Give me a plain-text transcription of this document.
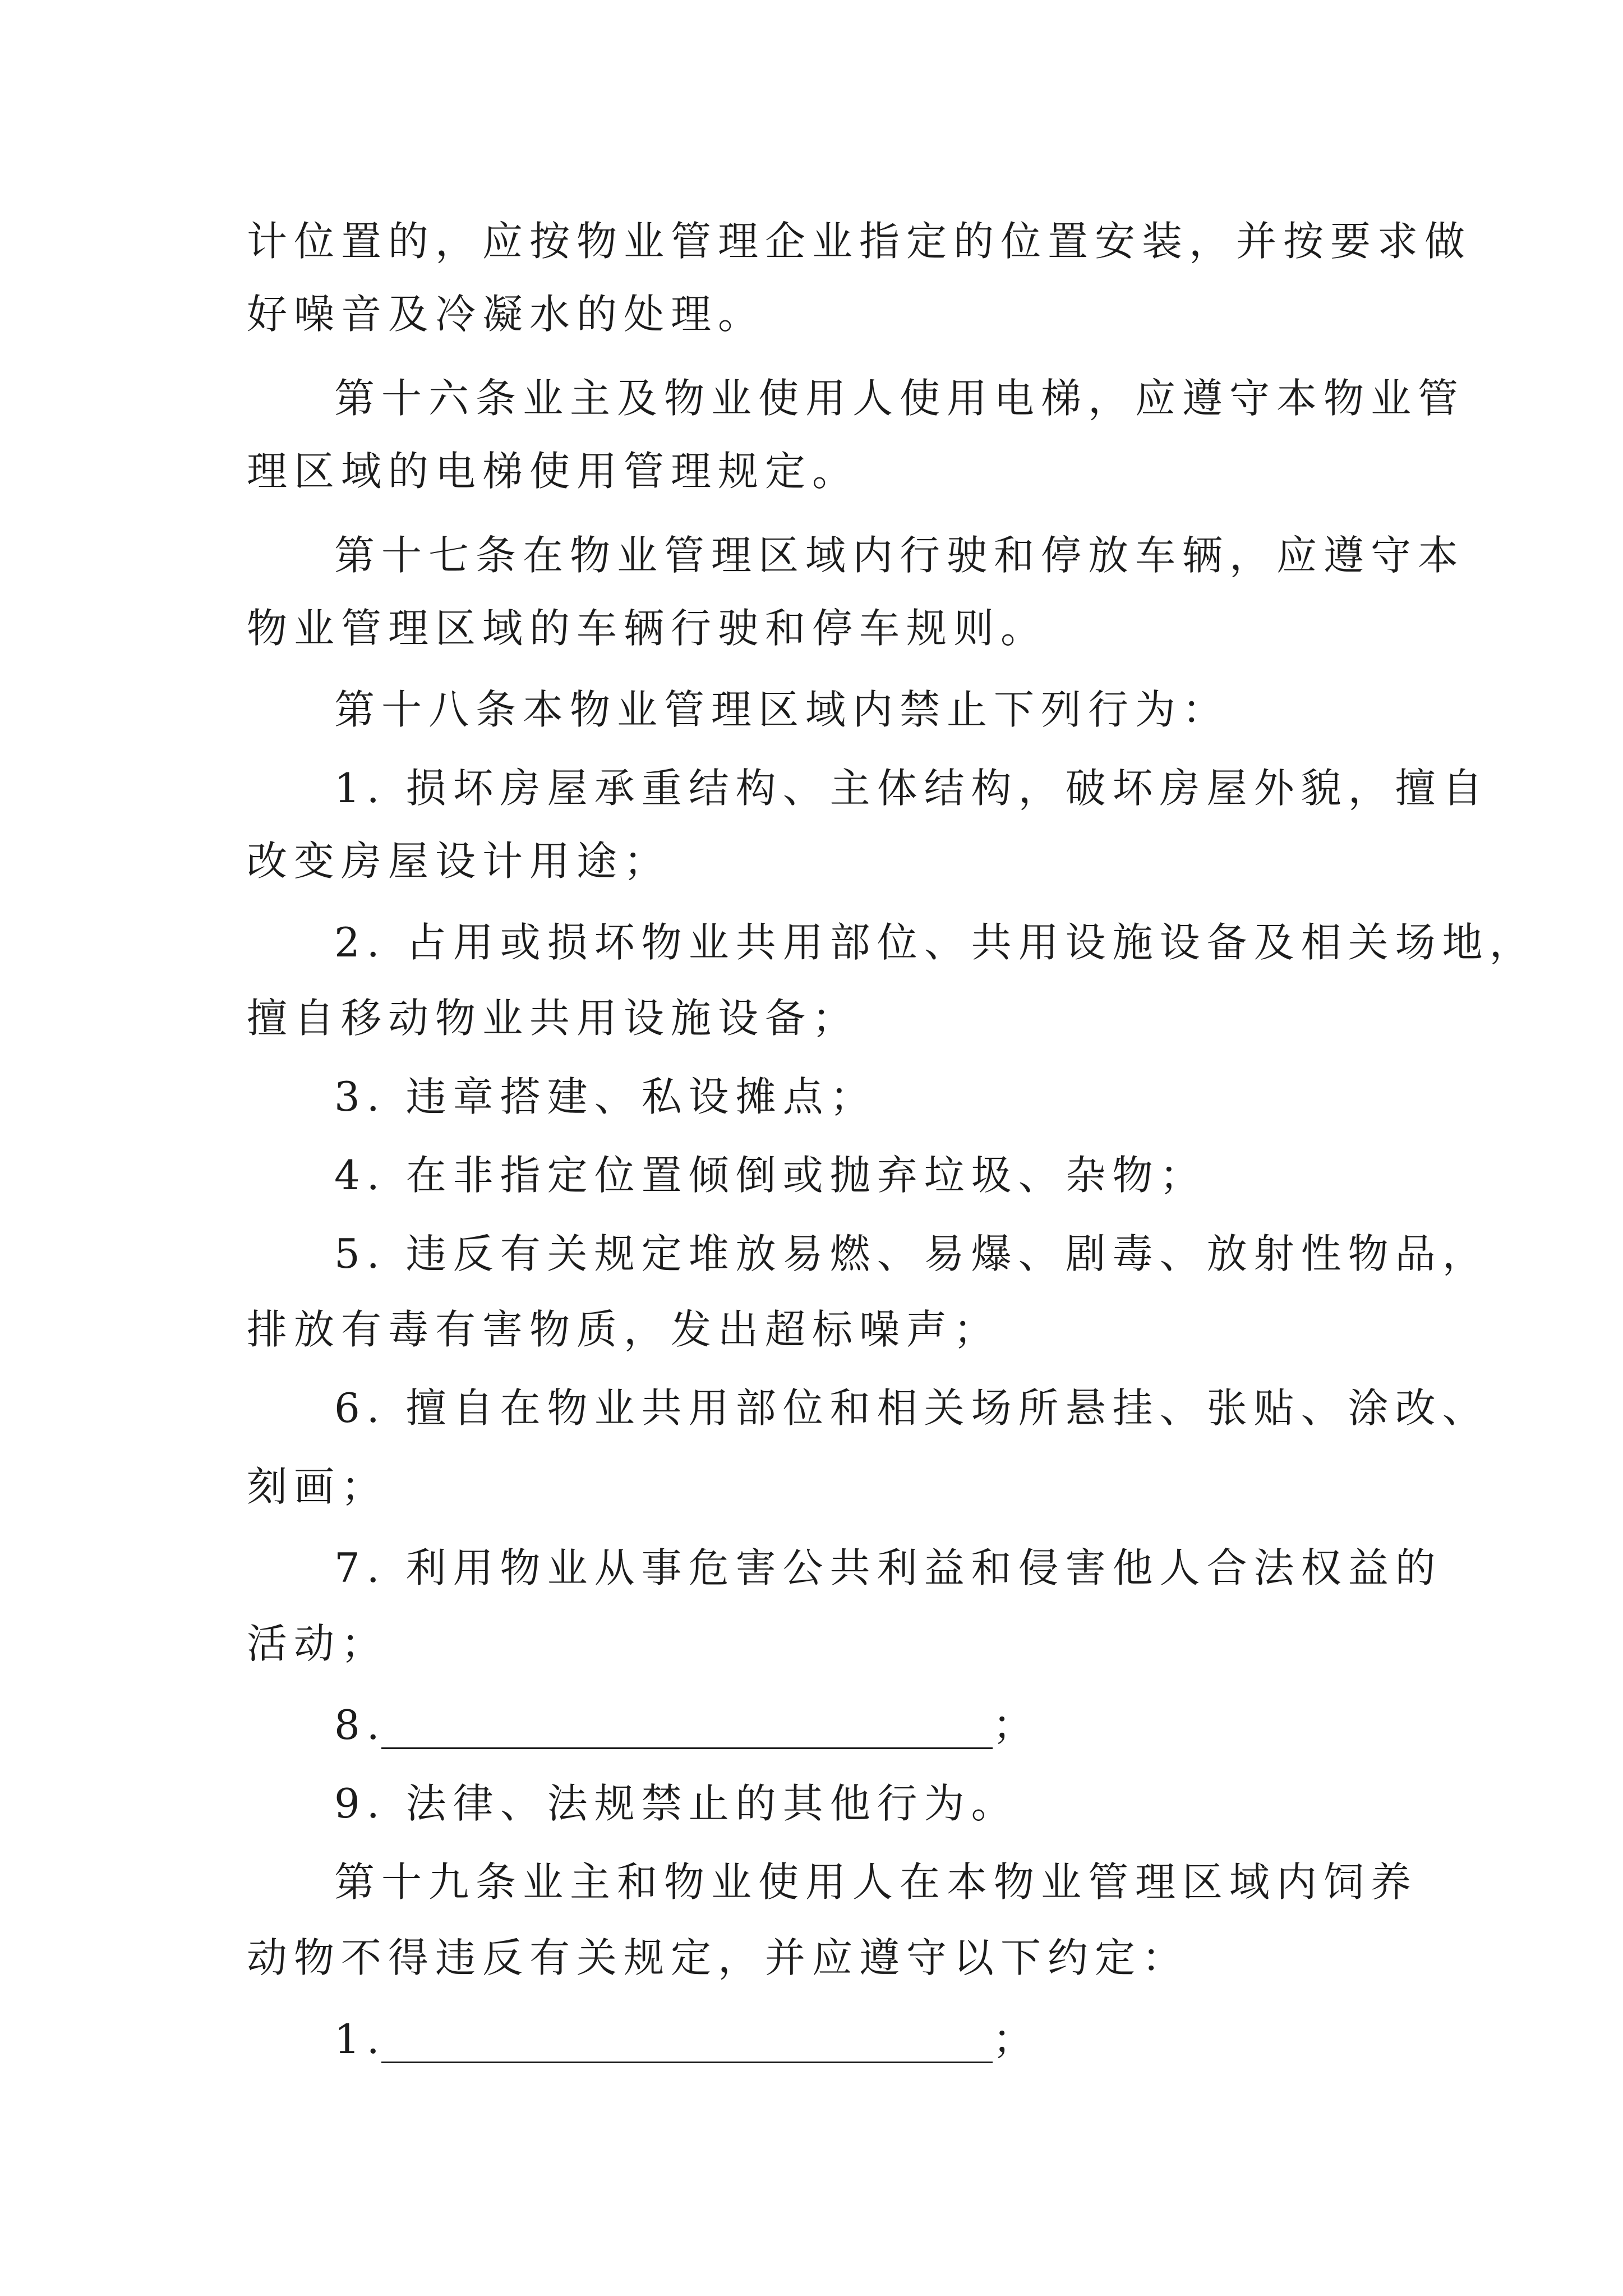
计位置的，应按物业管理企业指定的位置安装，并按要求做
好噪音及冷凝水的处理。
第十六条业主及物业使用人使用电梯，应遵守本物业管
理区域的电梯使用管理规定。
第十七条在物业管理区域内行驶和停放车辆，应遵守本
物业管理区域的车辆行驶和停车规则。
第十八条本物业管理区域内禁止下列行为：
1. 损坏房屋承重结构、主体结构，破坏房屋外貌，擅自
改变房屋设计用途；
2. 占用或损坏物业共用部位、共用设施设备及相关场地，
擅自移动物业共用设施设备；
3. 违章搭建、私设摊点；
4. 在非指定位置倾倒或抛弃垃圾、杂物；
5. 违反有关规定堆放易燃、易爆、剧毒、放射性物品，
排放有毒有害物质，发出超标噪声；
6. 擅自在物业共用部位和相关场所悬挂、张贴、涂改、
刻画；
7. 利用物业从事危害公共利益和侵害他人合法权益的
活动；
8.	；
9. 法律、法规禁止的其他行为。
第十九条业主和物业使用人在本物业管理区域内饲养
动物不得违反有关规定，并应遵守以下约定：
1.	；
